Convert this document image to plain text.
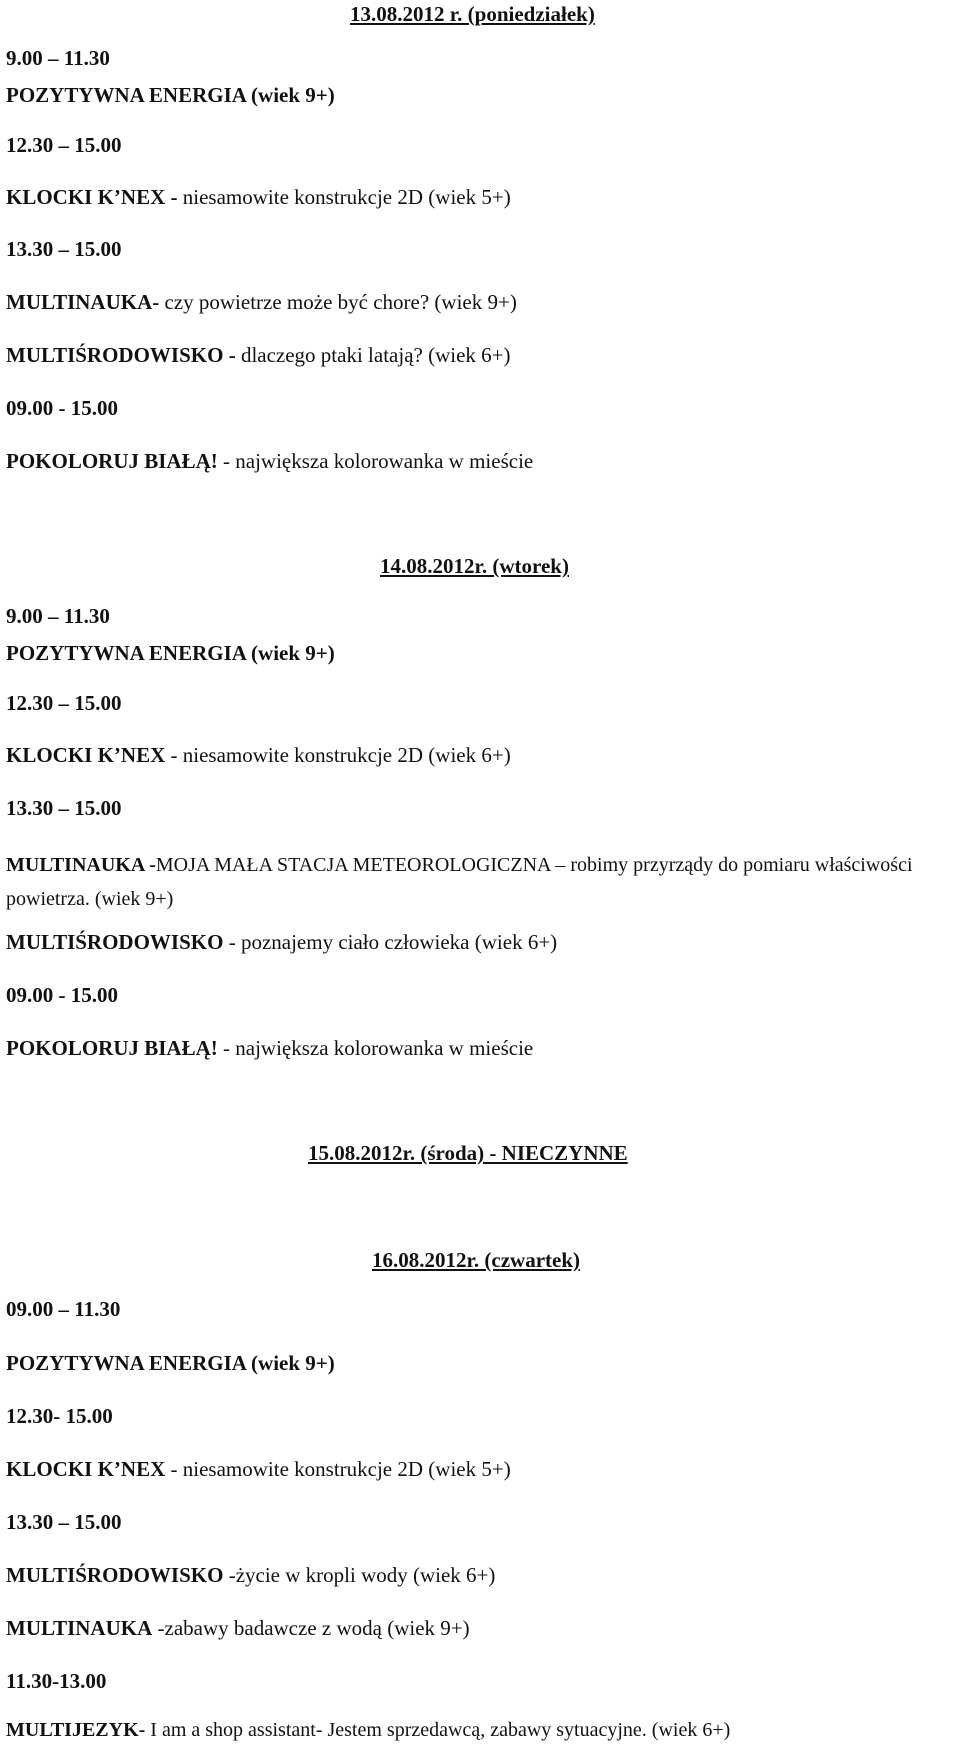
13.08.2012 r. (poniedziałek)
9.00 – 11.30
POZYTYWNA ENERGIA (wiek 9+)
12.30 – 15.00
KLOCKI K’NEX - niesamowite konstrukcje 2D (wiek 5+)
13.30 – 15.00
MULTINAUKA- czy powietrze może być chore? (wiek 9+)
MULTIŚRODOWISKO - dlaczego ptaki latają? (wiek 6+)
09.00 - 15.00
POKOLORUJ BIAŁĄ! - największa kolorowanka w mieście
14.08.2012r. (wtorek)
9.00 – 11.30
POZYTYWNA ENERGIA (wiek 9+)
12.30 – 15.00
KLOCKI K’NEX - niesamowite konstrukcje 2D (wiek 6+)
13.30 – 15.00
MULTINAUKA -MOJA MAŁA STACJA METEOROLOGICZNA – robimy przyrządy do pomiaru właściwości powietrza. (wiek 9+)
MULTIŚRODOWISKO - poznajemy ciało człowieka (wiek 6+)
09.00 - 15.00
POKOLORUJ BIAŁĄ! - największa kolorowanka w mieście
15.08.2012r. (środa) - NIECZYNNE
16.08.2012r. (czwartek)
09.00 – 11.30
POZYTYWNA ENERGIA (wiek 9+)
12.30- 15.00
KLOCKI K’NEX - niesamowite konstrukcje 2D (wiek 5+)
13.30 – 15.00
MULTIŚRODOWISKO -życie w kropli wody (wiek 6+)
MULTINAUKA -zabawy badawcze z wodą (wiek 9+)
11.30-13.00
MULTIJEZYK- I am a shop assistant- Jestem sprzedawcą, zabawy sytuacyjne. (wiek 6+)
